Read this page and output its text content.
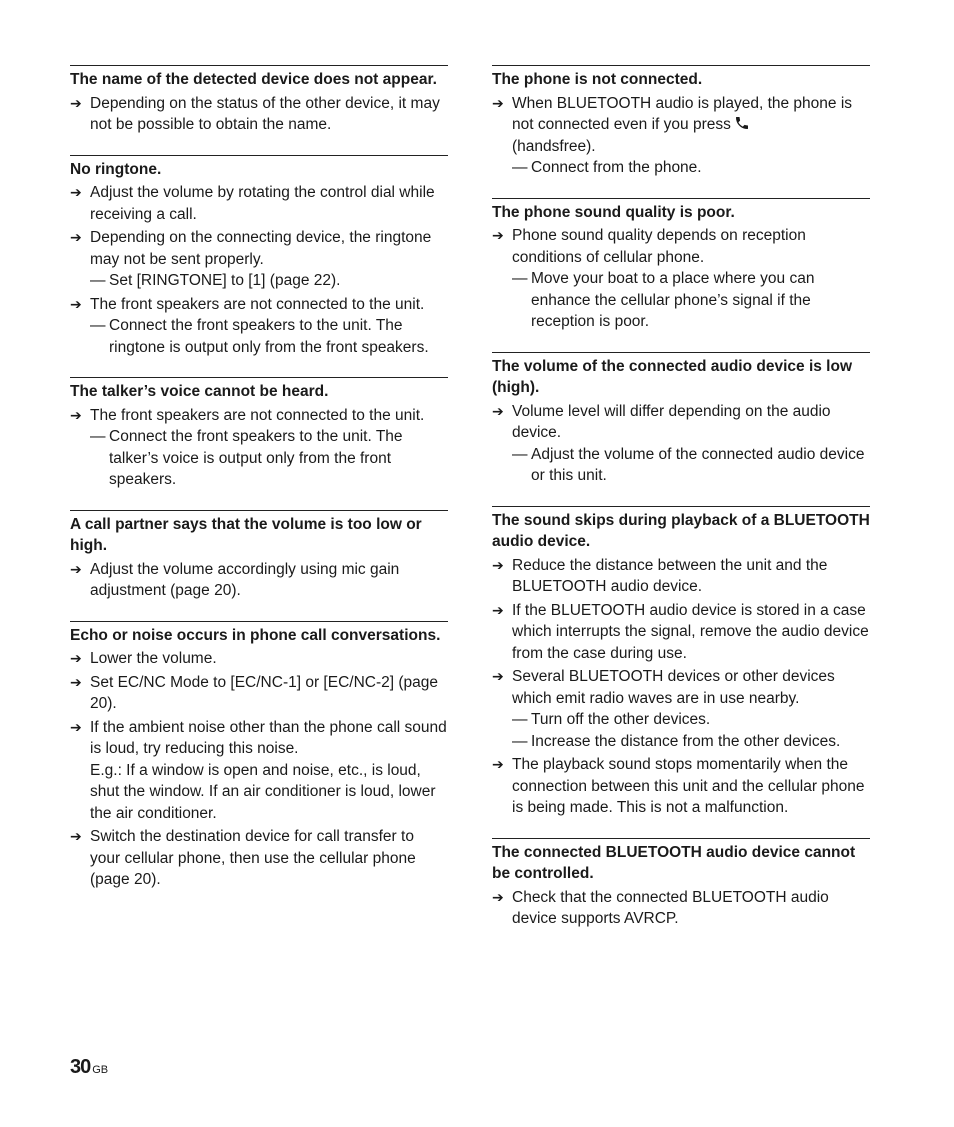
The name of the detected device does not appear.
➔ Depending on the status of the other device, it may not be possible to obtain the name.
No ringtone.
➔ Adjust the volume by rotating the control dial while receiving a call.
➔ Depending on the connecting device, the ringtone may not be sent properly.
— Set [RINGTONE] to [1] (page 22).
➔ The front speakers are not connected to the unit.
— Connect the front speakers to the unit. The ringtone is output only from the front speakers.
The talker’s voice cannot be heard.
➔ The front speakers are not connected to the unit.
— Connect the front speakers to the unit. The talker’s voice is output only from the front speakers.
A call partner says that the volume is too low or high.
➔ Adjust the volume accordingly using mic gain adjustment (page 20).
Echo or noise occurs in phone call conversations.
➔ Lower the volume.
➔ Set EC/NC Mode to [EC/NC-1] or [EC/NC-2] (page 20).
➔ If the ambient noise other than the phone call sound is loud, try reducing this noise.
E.g.: If a window is open and noise, etc., is loud, shut the window. If an air conditioner is loud, lower the air conditioner.
➔ Switch the destination device for call transfer to your cellular phone, then use the cellular phone (page 20).
The phone is not connected.
➔ When BLUETOOTH audio is played, the phone is not connected even if you press
(handsfree).
— Connect from the phone.
The phone sound quality is poor.
➔ Phone sound quality depends on reception conditions of cellular phone.
— Move your boat to a place where you can enhance the cellular phone’s signal if the reception is poor.
The volume of the connected audio device is low (high).
➔ Volume level will differ depending on the audio device.
— Adjust the volume of the connected audio device or this unit.
The sound skips during playback of a BLUETOOTH audio device.
➔ Reduce the distance between the unit and the BLUETOOTH audio device.
➔ If the BLUETOOTH audio device is stored in a case which interrupts the signal, remove the audio device from the case during use.
➔ Several BLUETOOTH devices or other devices which emit radio waves are in use nearby.
— Turn off the other devices.
— Increase the distance from the other devices.
➔ The playback sound stops momentarily when the connection between this unit and the cellular phone is being made. This is not a malfunction.
The connected BLUETOOTH audio device cannot be controlled.
➔ Check that the connected BLUETOOTH audio device supports AVRCP.
30 GB
